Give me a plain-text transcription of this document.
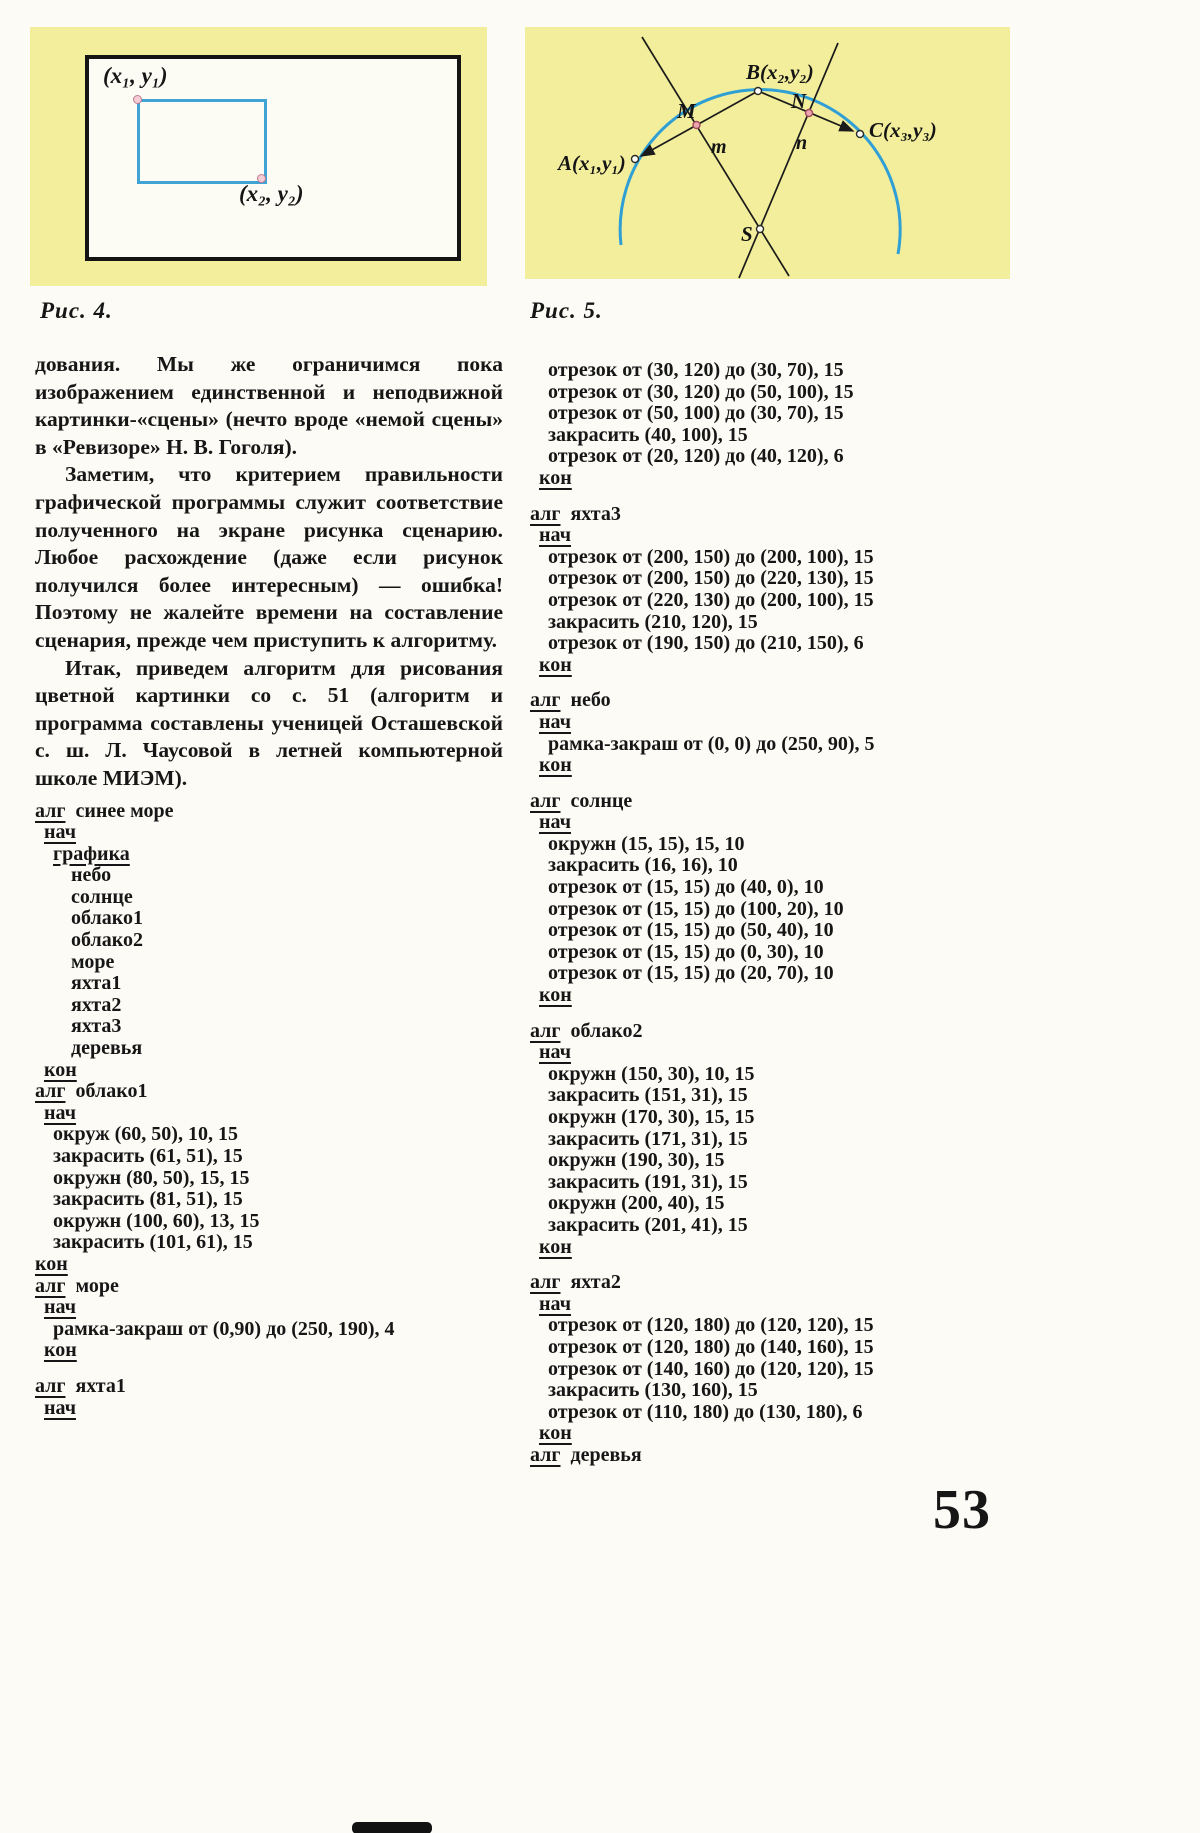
(x₁, y₁)
(x₂, y₂)
A(x₁,y₁)
B(x₂,y₂)
C(x₃,y₃)
M	N
S
m⃗	n⃗
Рис. 4.	Рис. 5.

дования. Мы же ограничимся пока изображением единственной и неподвижной картинки-«сцены» (нечто вроде «немой сцены» в «Ревизоре» Н. В. Гоголя).

Заметим, что критерием правильности графической программы служит соответствие полученного на экране рисунка сценарию. Любое расхождение (даже если рисунок получился более интересным) — ошибка! Поэтому не жалейте времени на составление сценария, прежде чем приступить к алгоритму.

Итак, приведем алгоритм для рисования цветной картинки со с. 51 (алгоритм и программа составлены ученицей Осташевской с. ш. Л. Чаусовой в летней компьютерной школе МИЭМ).

алг  синее море
нач
графика
небо
солнце
облако1
облако2
море
яхта1
яхта2
яхта3
деревья
кон
алг  облако1
нач
окруж (60, 50), 10, 15
закрасить (61, 51), 15
окружн (80, 50), 15, 15
закрасить (81, 51), 15
окружн (100, 60), 13, 15
закрасить (101, 61), 15
кон
алг  море
нач
рамка-закраш от (0,90) до (250, 190), 4
кон
алг  яхта1
нач
отрезок от (30, 120) до (30, 70), 15
отрезок от (30, 120) до (50, 100), 15
отрезок от (50, 100) до (30, 70), 15
закрасить (40, 100), 15
отрезок от (20, 120) до (40, 120), 6
кон
алг  яхта3
нач
отрезок от (200, 150) до (200, 100), 15
отрезок от (200, 150) до (220, 130), 15
отрезок от (220, 130) до (200, 100), 15
закрасить (210, 120), 15
отрезок от (190, 150) до (210, 150), 6
кон
алг  небо
нач
рамка-закраш от (0, 0) до (250, 90), 5
кон
алг  солнце
нач
окружн (15, 15), 15, 10
закрасить (16, 16), 10
отрезок от (15, 15) до (40, 0), 10
отрезок от (15, 15) до (100, 20), 10
отрезок от (15, 15) до (50, 40), 10
отрезок от (15, 15) до (0, 30), 10
отрезок от (15, 15) до (20, 70), 10
кон
алг  облако2
нач
окружн (150, 30), 10, 15
закрасить (151, 31), 15
окружн (170, 30), 15, 15
закрасить (171, 31), 15
окружн (190, 30), 15
закрасить (191, 31), 15
окружн (200, 40), 15
закрасить (201, 41), 15
кон
алг  яхта2
нач
отрезок от (120, 180) до (120, 120), 15
отрезок от (120, 180) до (140, 160), 15
отрезок от (140, 160) до (120, 120), 15
закрасить (130, 160), 15
отрезок от (110, 180) до (130, 180), 6
кон
алг  деревья
53
